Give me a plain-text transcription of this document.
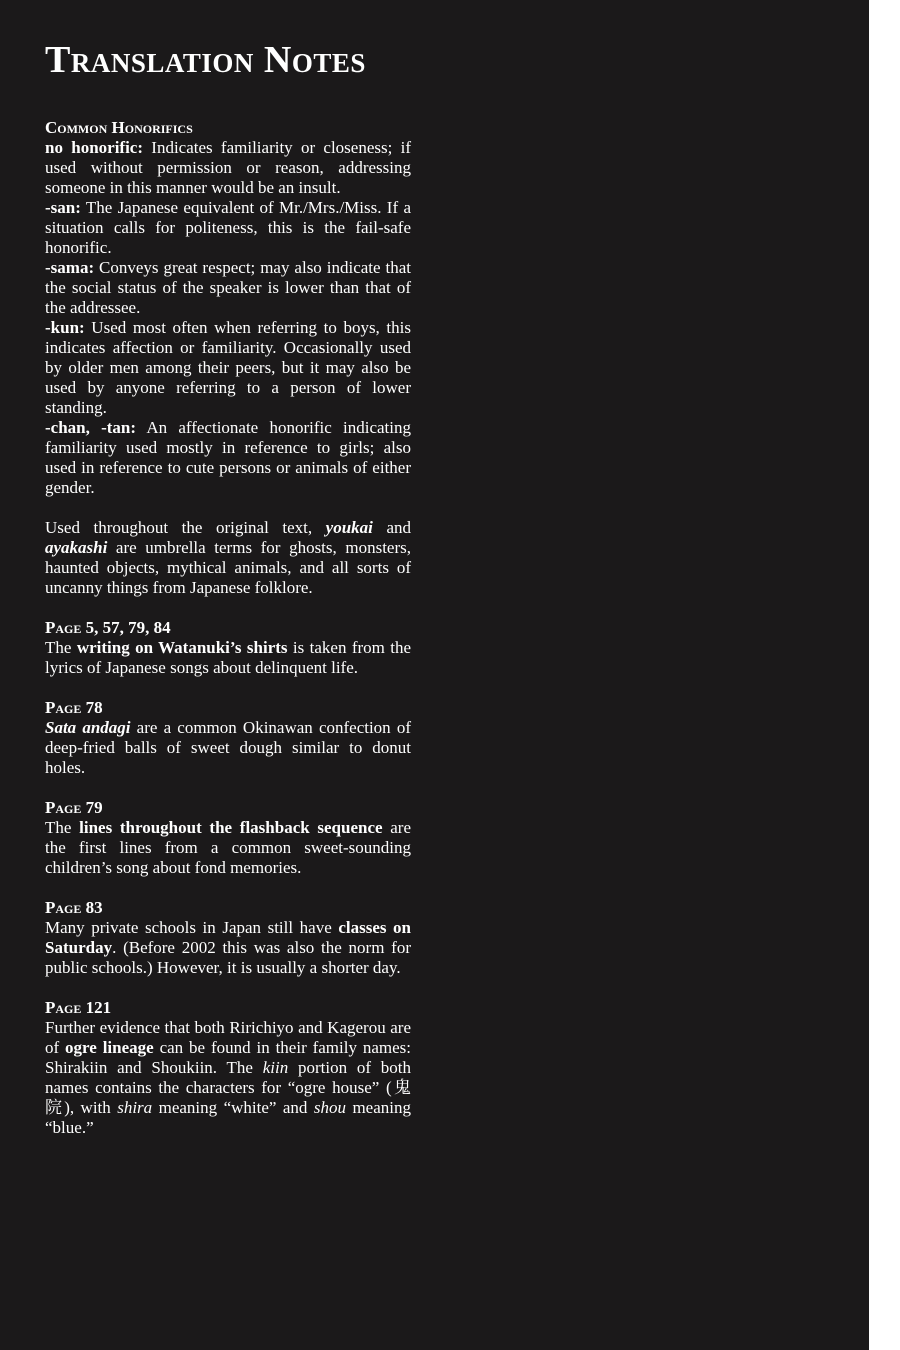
Translation Notes
Common Honorifics

no honorific: Indicates familiarity or closeness; if used without permission or reason, addressing someone in this manner would be an insult.

-san: The Japanese equivalent of Mr./Mrs./Miss. If a situation calls for politeness, this is the fail-safe honorific.

-sama: Conveys great respect; may also indicate that the social status of the speaker is lower than that of the addressee.

-kun: Used most often when referring to boys, this indicates affection or familiarity. Occasionally used by older men among their peers, but it may also be used by anyone referring to a person of lower standing.

-chan, -tan: An affectionate honorific indicating familiarity used mostly in reference to girls; also used in reference to cute persons or animals of either gender.

Used throughout the original text, youkai and ayakashi are umbrella terms for ghosts, monsters, haunted objects, mythical animals, and all sorts of uncanny things from Japanese folklore.

Page 5, 57, 79, 84

The writing on Watanuki’s shirts is taken from the lyrics of Japanese songs about delinquent life.

Page 78

Sata andagi are a common Okinawan confection of deep-fried balls of sweet dough similar to donut holes.

Page 79

The lines throughout the flashback sequence are the first lines from a common sweet-sounding children’s song about fond memories.

Page 83

Many private schools in Japan still have classes on Saturday. (Before 2002 this was also the norm for public schools.) However, it is usually a shorter day.

Page 121

Further evidence that both Ririchiyo and Kagerou are of ogre lineage can be found in their family names: Shirakiin and Shoukiin. The kiin portion of both names contains the characters for “ogre house” (鬼院), with shira meaning “white” and shou meaning “blue.”
